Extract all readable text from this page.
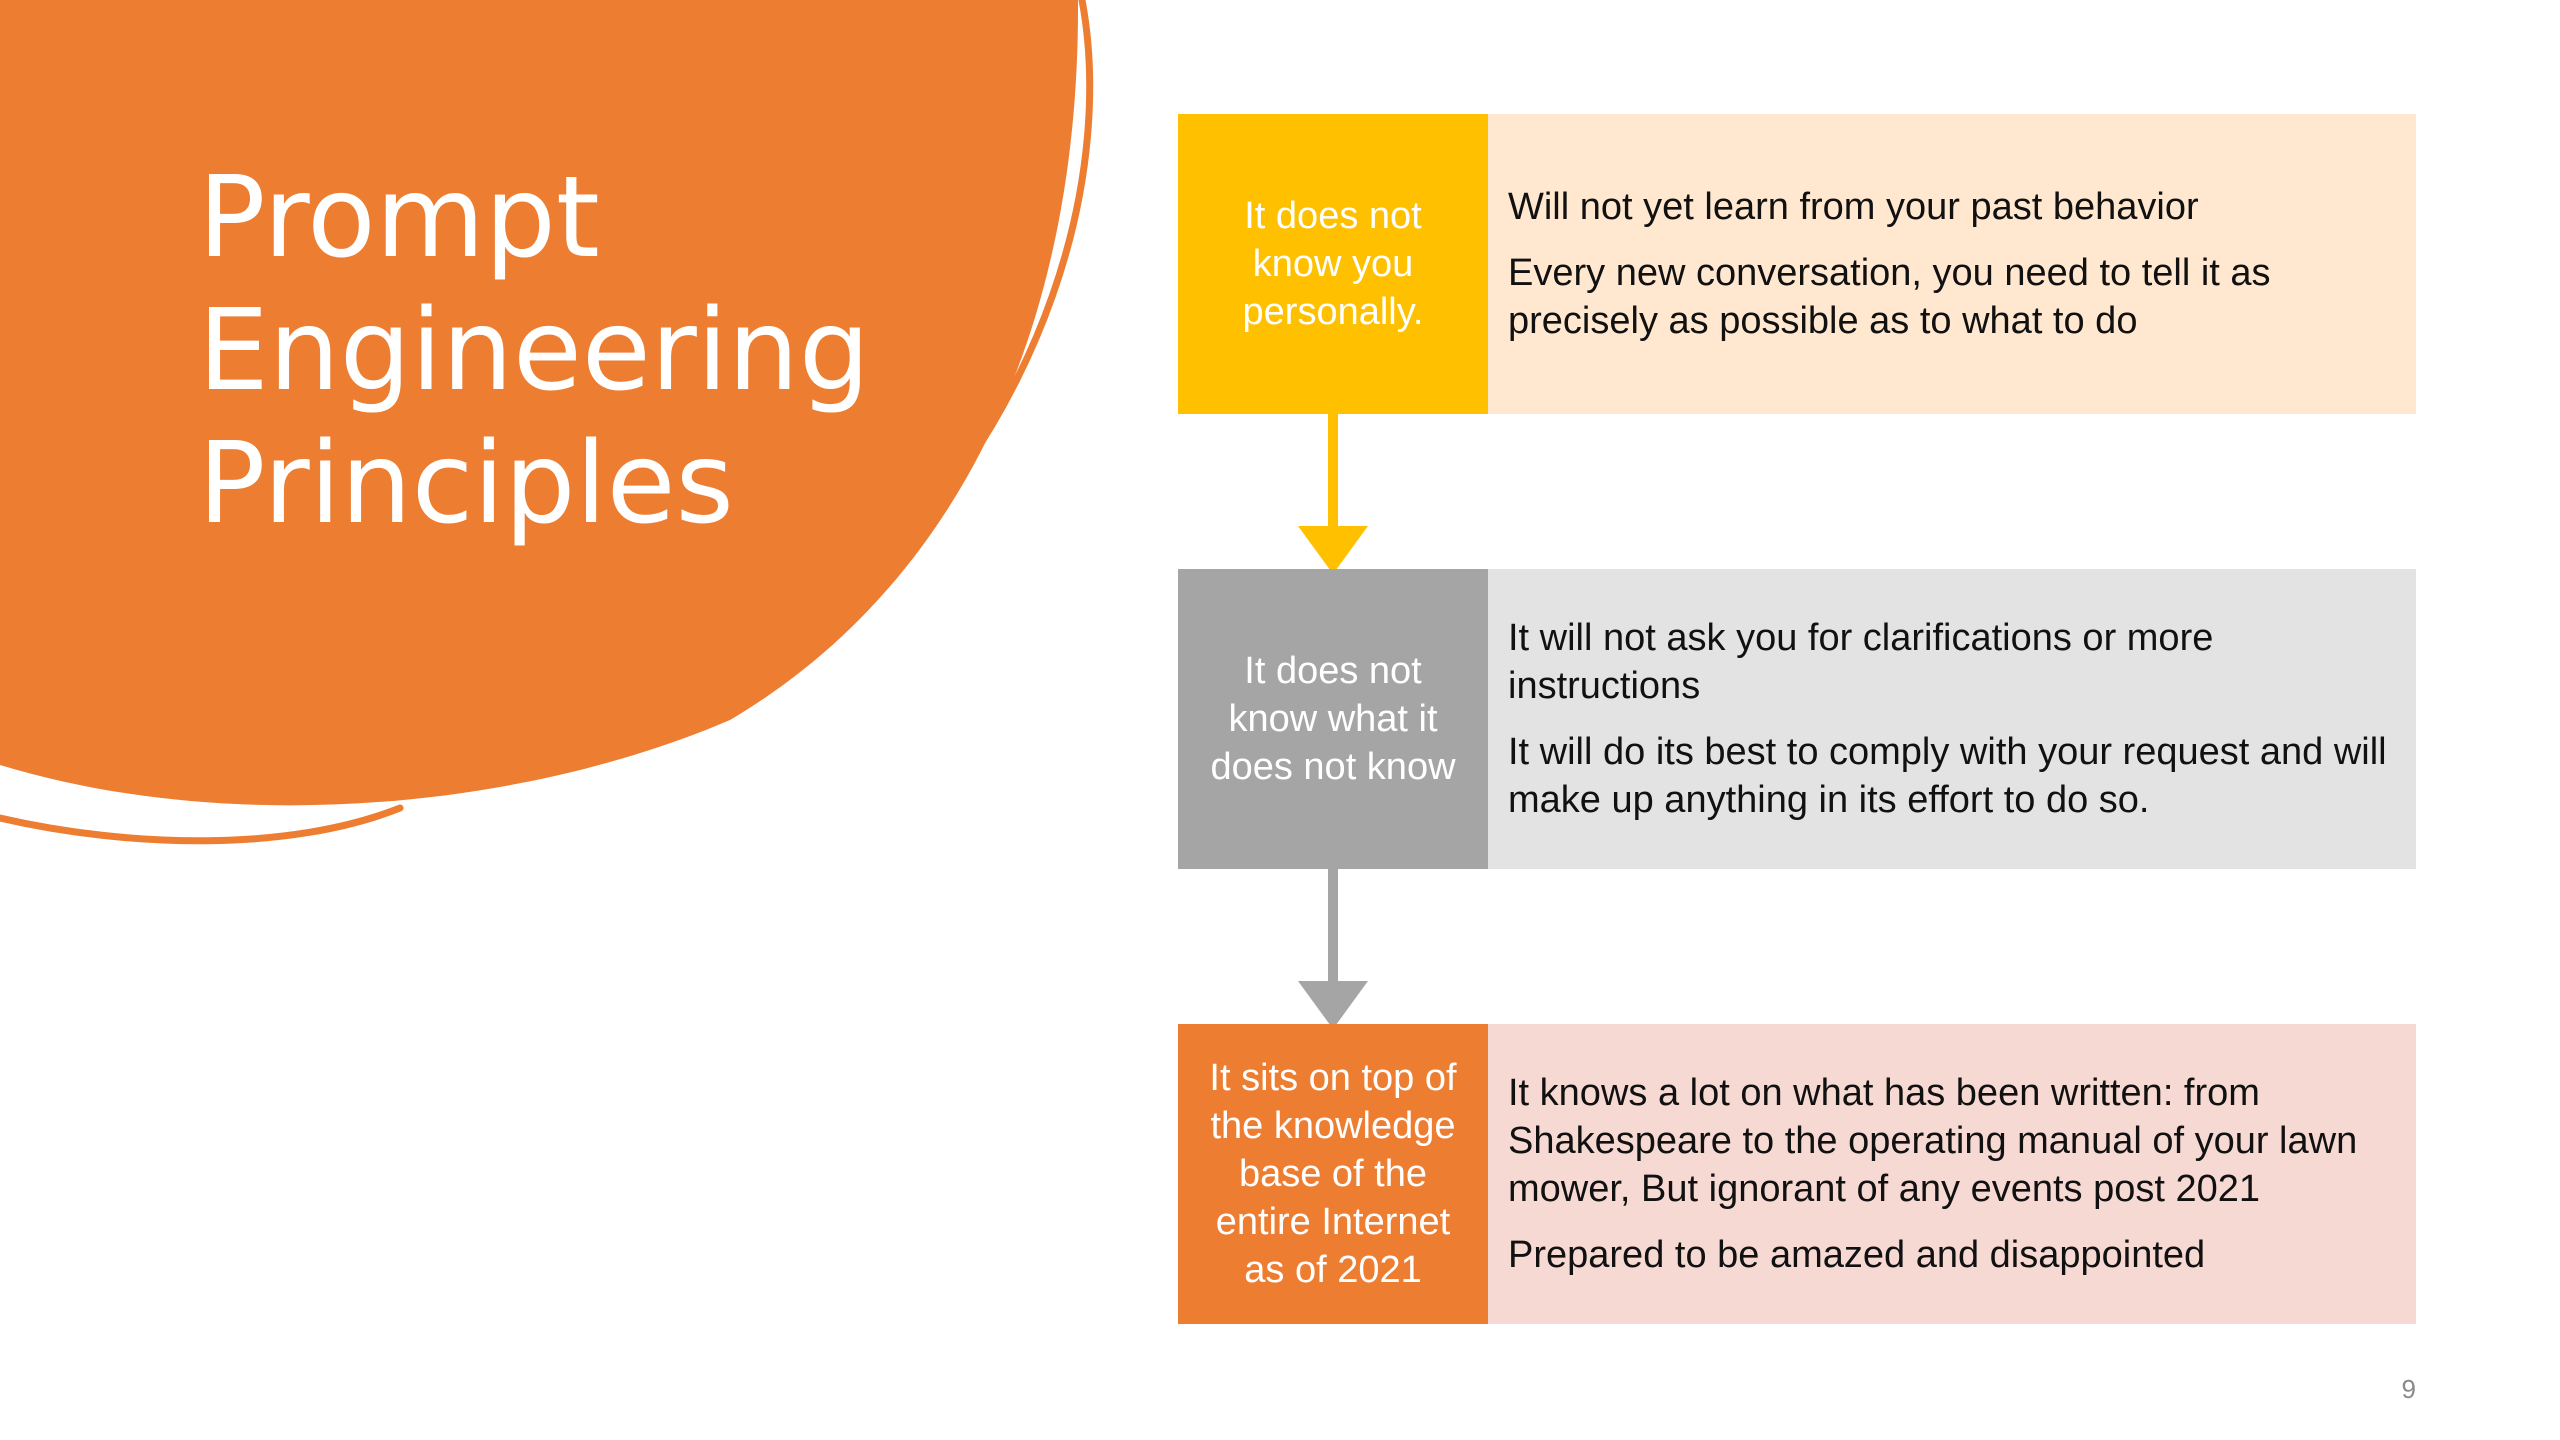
Prompt
Engineering
Principles
It does not
know you
personally.

Will not yet learn from your past behavior

Every new conversation, you need to tell it as precisely as possible as to what to do

It does not
know what it
does not know

It will not ask you for clarifications or more instructions

It will do its best to comply with your request and will make up anything in its effort to do so.

It sits on top of
the knowledge
base of the
entire Internet
as of 2021

It knows a lot on what has been written: from Shakespeare to the operating manual of your lawn mower, But ignorant of any events post 2021

Prepared to be amazed and disappointed

9
